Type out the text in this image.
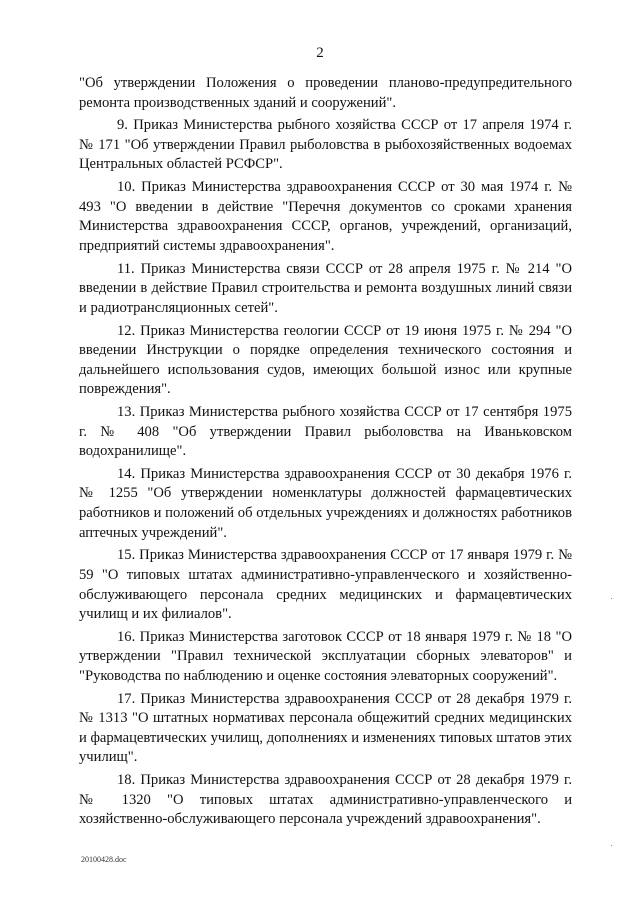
2

"Об утверждении Положения о проведении планово-предупредительного ремонта производственных зданий и сооружений".

9. Приказ Министерства рыбного хозяйства СССР от 17 апреля 1974 г. № 171 "Об утверждении Правил рыболовства в рыбохозяйственных водоемах Центральных областей РСФСР".

10. Приказ Министерства здравоохранения СССР от 30 мая 1974 г. № 493 "О введении в действие "Перечня документов со сроками хранения Министерства здравоохранения СССР, органов, учреждений, организаций, предприятий системы здравоохранения".

11. Приказ Министерства связи СССР от 28 апреля 1975 г. № 214 "О введении в действие Правил строительства и ремонта воздушных линий связи и радиотрансляционных сетей".

12. Приказ Министерства геологии СССР от 19 июня 1975 г. № 294 "О введении Инструкции о порядке определения технического состояния и дальнейшего использования судов, имеющих большой износ или крупные повреждения".

13. Приказ Министерства рыбного хозяйства СССР от 17 сентября 1975 г. № 408 "Об утверждении Правил рыболовства на Иваньковском водохранилище".

14. Приказ Министерства здравоохранения СССР от 30 декабря 1976 г. № 1255 "Об утверждении номенклатуры должностей фармацевтических работников и положений об отдельных учреждениях и должностях работников аптечных учреждений".

15. Приказ Министерства здравоохранения СССР от 17 января 1979 г. № 59 "О типовых штатах административно-управленческого и хозяйственно-обслуживающего персонала средних медицинских и фармацевтических училищ и их филиалов".

16. Приказ Министерства заготовок СССР от 18 января 1979 г. № 18 "О утверждении "Правил технической эксплуатации сборных элеваторов" и "Руководства по наблюдению и оценке состояния элеваторных сооружений".

17. Приказ Министерства здравоохранения СССР от 28 декабря 1979 г. № 1313 "О штатных нормативах персонала общежитий средних медицинских и фармацевтических училищ, дополнениях и изменениях типовых штатов этих училищ".

18. Приказ Министерства здравоохранения СССР от 28 декабря 1979 г. № 1320 "О типовых штатах административно-управленческого и хозяйственно-обслуживающего персонала учреждений здравоохранения".

20100428.doc
